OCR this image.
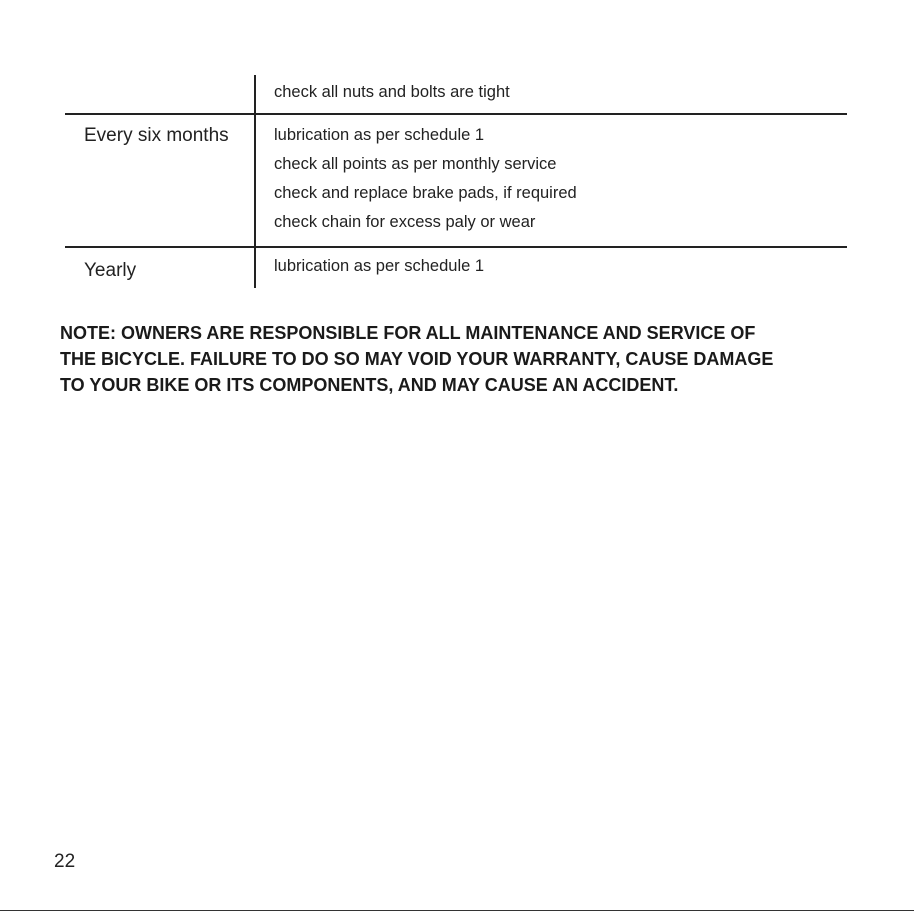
check all nuts and bolts are tight
Every six months	lubrication as per schedule 1
check all points as per monthly service
check and replace brake pads, if required
check chain for excess paly or wear
Yearly	lubrication as per schedule 1
NOTE: OWNERS ARE RESPONSIBLE FOR ALL MAINTENANCE AND SERVICE OF
THE BICYCLE. FAILURE TO DO SO MAY VOID YOUR WARRANTY, CAUSE DAMAGE
TO YOUR BIKE OR ITS COMPONENTS, AND MAY CAUSE AN ACCIDENT.
22
